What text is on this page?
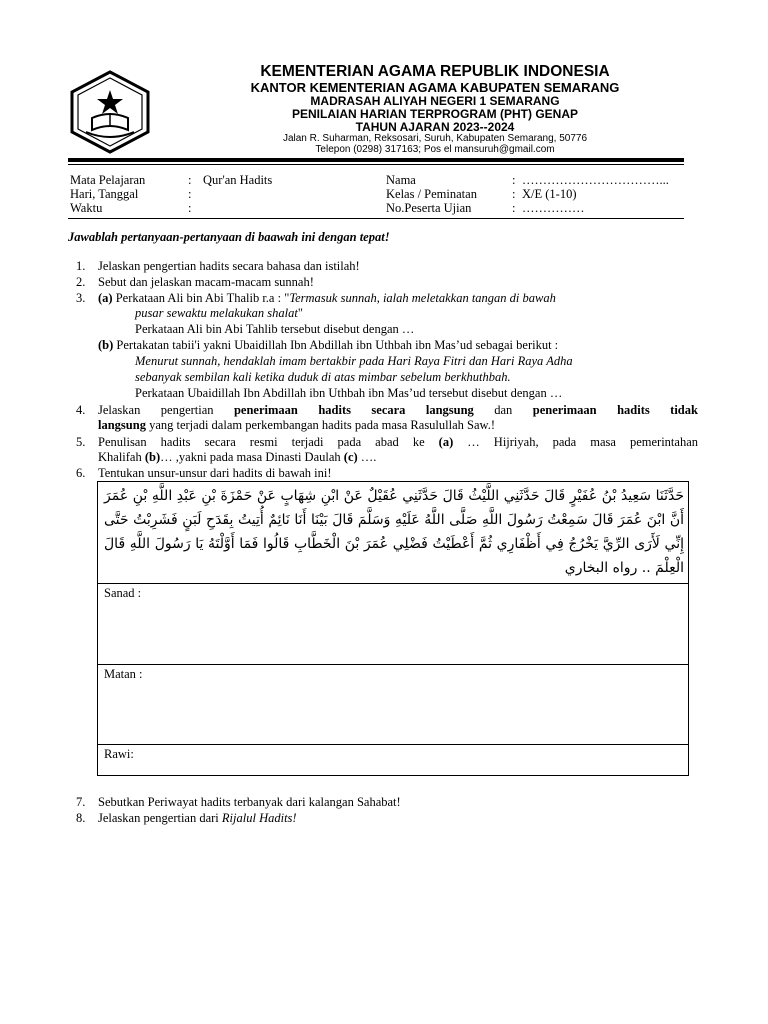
KEMENTERIAN AGAMA REPUBLIK INDONESIA
KANTOR KEMENTERIAN AGAMA KABUPATEN SEMARANG
MADRASAH ALIYAH NEGERI 1 SEMARANG
PENILAIAN HARIAN TERPROGRAM (PHT) GENAP
TAHUN AJARAN 2023--2024
Jalan R. Suharman, Reksosari, Suruh, Kabupaten Semarang, 50776
Telepon (0298) 317163; Pos el mansuruh@gmail.com
Mata Pelajaran	: Qur'an Hadits
Hari, Tanggal	:
Waktu	:
Nama	: ……………………………...
Kelas / Peminatan	: X/E (1-10)
No.Peserta Ujian	: ……………
Jawablah pertanyaan-pertanyaan di baawah ini dengan tepat!
1. Jelaskan pengertian hadits secara bahasa dan istilah!
2. Sebut dan jelaskan macam-macam sunnah!
3. (a) Perkataan Ali bin Abi Thalib r.a : "Termasuk sunnah, ialah meletakkan tangan di bawah
pusar sewaktu melakukan shalat"
Perkataan Ali bin Abi Tahlib tersebut disebut dengan …
(b) Pertakatan tabii'i yakni Ubaidillah Ibn Abdillah ibn Uthbah ibn Mas’ud sebagai berikut :
Menurut sunnah, hendaklah imam bertakbir pada Hari Raya Fitri dan Hari Raya Adha
sebanyak sembilan kali ketika duduk di atas mimbar sebelum berkhuthbah.
Perkataan Ubaidillah Ibn Abdillah ibn Uthbah ibn Mas’ud tersebut disebut dengan …
4. Jelaskan pengertian penerimaan hadits secara langsung dan penerimaan hadits tidak
langsung yang terjadi dalam perkembangan hadits pada masa Rasulullah Saw.!
5. Penulisan hadits secara resmi terjadi pada abad ke (a) … Hijriyah, pada masa pemerintahan
Khalifah (b)… ,yakni pada masa Dinasti Daulah (c) ….
6. Tentukan unsur-unsur dari hadits di bawah ini!
حَدَّثَنَا سَعِيدُ بْنُ عُفَيْرٍ قَالَ حَدَّثَنِي اللَّيْثُ قَالَ حَدَّثَنِي عُقَيْلٌ عَنْ ابْنِ شِهَابٍ عَنْ حَمْزَةَ بْنِ عَبْدِ اللَّهِ بْنِ عُمَرَ أَنَّ ابْنَ عُمَرَ قَالَ سَمِعْتُ رَسُولَ اللَّهِ صَلَّى اللَّهُ عَلَيْهِ وَسَلَّمَ قَالَ بَيْنَا أَنَا نَائِمٌ أُتِيتُ بِقَدَحِ لَبَنٍ فَشَرِبْتُ حَتَّى إِنِّي لَأَرَى الرِّيَّ يَخْرُجُ فِي أَظْفَارِي ثُمَّ أَعْطَيْتُ فَضْلِي عُمَرَ بْنَ الْخَطَّابِ قَالُوا فَمَا أَوَّلْتَهُ يَا رَسُولَ اللَّهِ قَالَ الْعِلْمَ .. رواه البخاري
Sanad :
Matan :
Rawi:
7. Sebutkan Periwayat hadits terbanyak dari kalangan Sahabat!
8. Jelaskan pengertian dari Rijalul Hadits!
